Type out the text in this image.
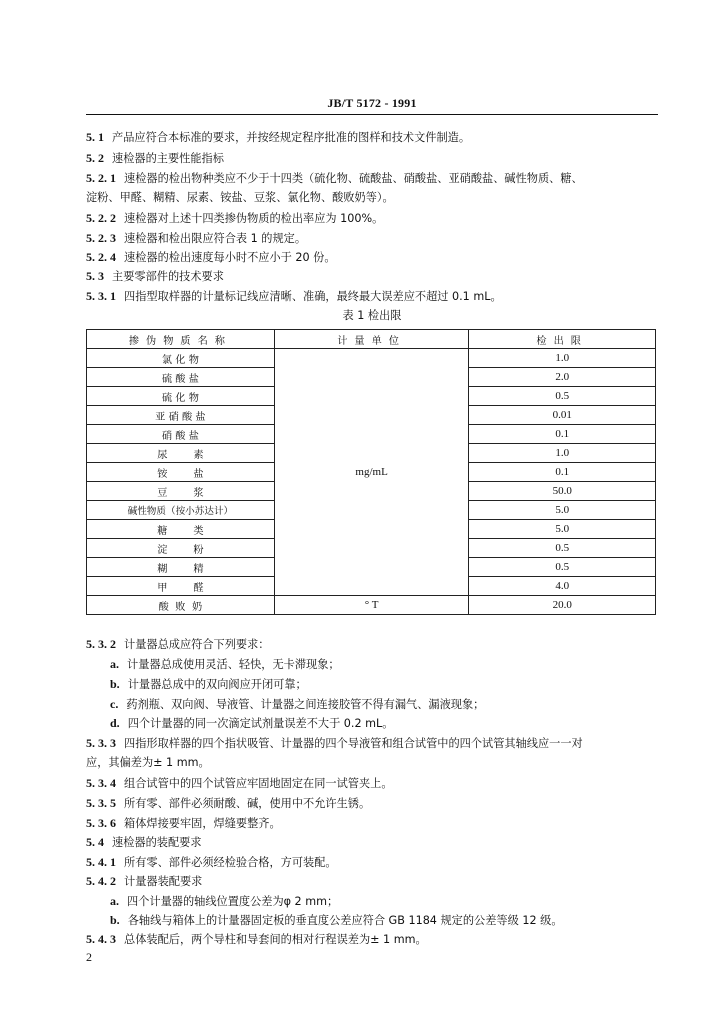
JB/T 5172 - 1991
5. 1 产品应符合本标准的要求，并按经规定程序批准的图样和技术文件制造。
5. 2 速检器的主要性能指标
5. 2. 1 速检器的检出物种类应不少于十四类（硫化物、硫酸盐、硝酸盐、亚硝酸盐、碱性物质、糖、
淀粉、甲醛、糊精、尿素、铵盐、豆浆、氯化物、酸败奶等）。
5. 2. 2 速检器对上述十四类掺伪物质的检出率应为 100%。
5. 2. 3 速检器和检出限应符合表 1 的规定。
5. 2. 4 速检器的检出速度每小时不应小于 20 份。
5. 3 主要零部件的技术要求
5. 3. 1 四指型取样器的计量标记线应清晰、准确，最终最大误差应不超过 0.1 mL。
表 1 检出限
掺伪物质名称	计量单位	检出限
氯 化 物	mg/mL	1.0
硫 酸 盐		2.0
硫 化 物		0.5
亚 硝 酸 盐		0.01
硝 酸 盐		0.1
尿        素		1.0
铵        盐		0.1
豆        浆		50.0
碱性物质（按小苏达计）		5.0
糖        类		5.0
淀        粉		0.5
糊        精		0.5
甲        醛		4.0
酸  败  奶	° T	20.0
5. 3. 2 计量器总成应符合下列要求：
a. 计量器总成使用灵活、轻快，无卡滞现象；
b. 计量器总成中的双向阀应开闭可靠；
c. 药剂瓶、双向阀、导液管、计量器之间连接胶管不得有漏气、漏液现象；
d. 四个计量器的同一次滴定试剂量误差不大于 0.2 mL。
5. 3. 3 四指形取样器的四个指状吸管、计量器的四个导液管和组合试管中的四个试管其轴线应一一对
应，其偏差为± 1 mm。
5. 3. 4 组合试管中的四个试管应牢固地固定在同一试管夹上。
5. 3. 5 所有零、部件必须耐酸、碱，使用中不允许生锈。
5. 3. 6 箱体焊接要牢固，焊缝要整齐。
5. 4 速检器的装配要求
5. 4. 1 所有零、部件必须经检验合格，方可装配。
5. 4. 2 计量器装配要求
a. 四个计量器的轴线位置度公差为φ 2 mm；
b. 各轴线与箱体上的计量器固定板的垂直度公差应符合 GB 1184 规定的公差等级 12 级。
5. 4. 3 总体装配后，两个导柱和导套间的相对行程误差为± 1 mm。
2
